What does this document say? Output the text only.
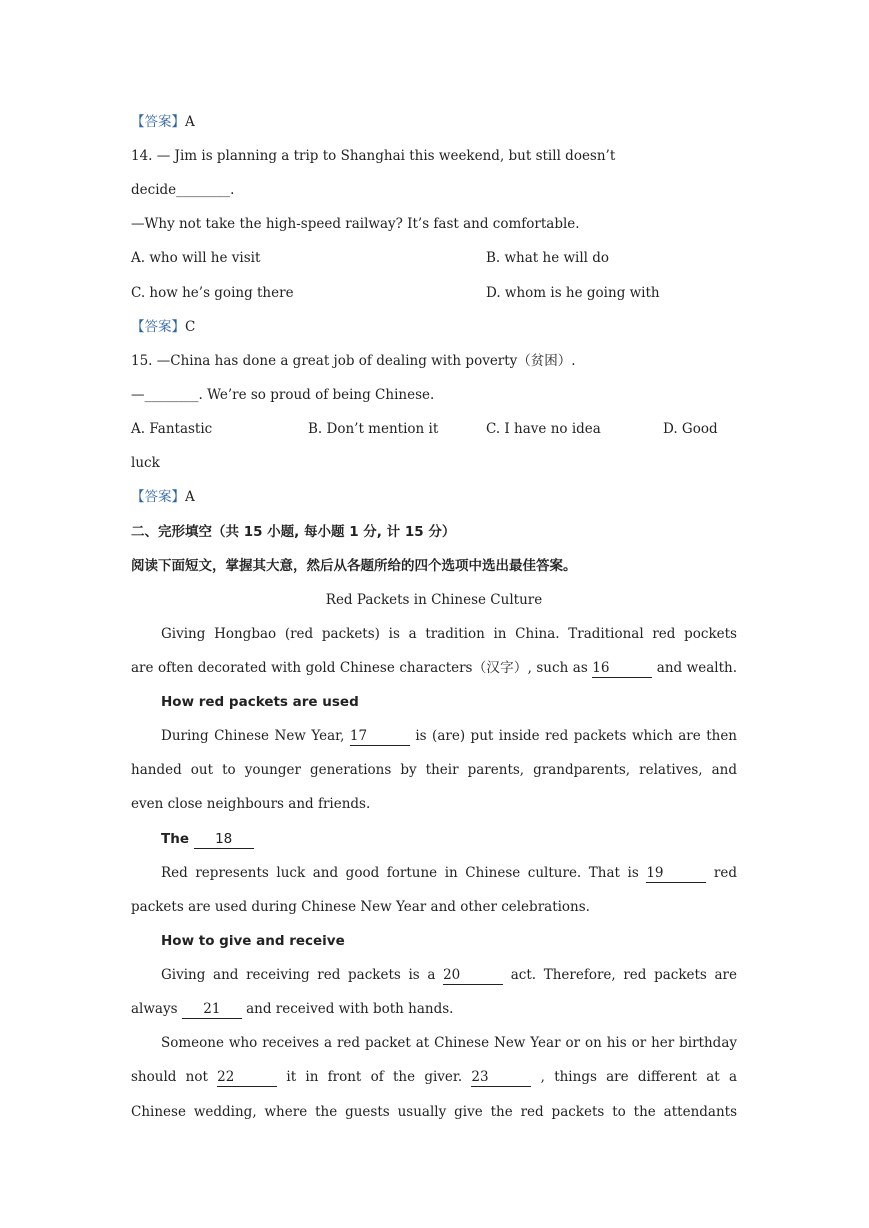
【答案】A
14. — Jim is planning a trip to Shanghai this weekend, but still doesn’t
decide________.
—Why not take the high-speed railway? It’s fast and comfortable.
A. who will he visit	B. what he will do
C. how he’s going there	D. whom is he going with
【答案】C
15. —China has done a great job of dealing with poverty（贫困）.
—________. We’re so proud of being Chinese.
A. Fantastic	B. Don’t mention it	C. I have no idea	D. Good
luck
【答案】A
二、完形填空（共 15 小题, 每小题 1 分, 计 15 分）
阅读下面短文，掌握其大意，然后从各题所给的四个选项中选出最佳答案。
Red Packets in Chinese Culture
Giving Hongbao (red packets) is a tradition in China. Traditional red pockets
are often decorated with gold Chinese characters（汉字）, such as 16	and wealth.
How red packets are used
During Chinese New Year, 17	is (are) put inside red packets which are then
handed out to younger generations by their parents, grandparents, relatives, and
even close neighbours and friends.
The 18
Red represents luck and good fortune in Chinese culture. That is 19	red
packets are used during Chinese New Year and other celebrations.
How to give and receive
Giving and receiving red packets is a 20	act. Therefore, red packets are
always 21 and received with both hands.
Someone who receives a red packet at Chinese New Year or on his or her birthday
should not 22	it in front of the giver. 23	, things are different at a
Chinese wedding, where the guests usually give the red packets to the attendants
